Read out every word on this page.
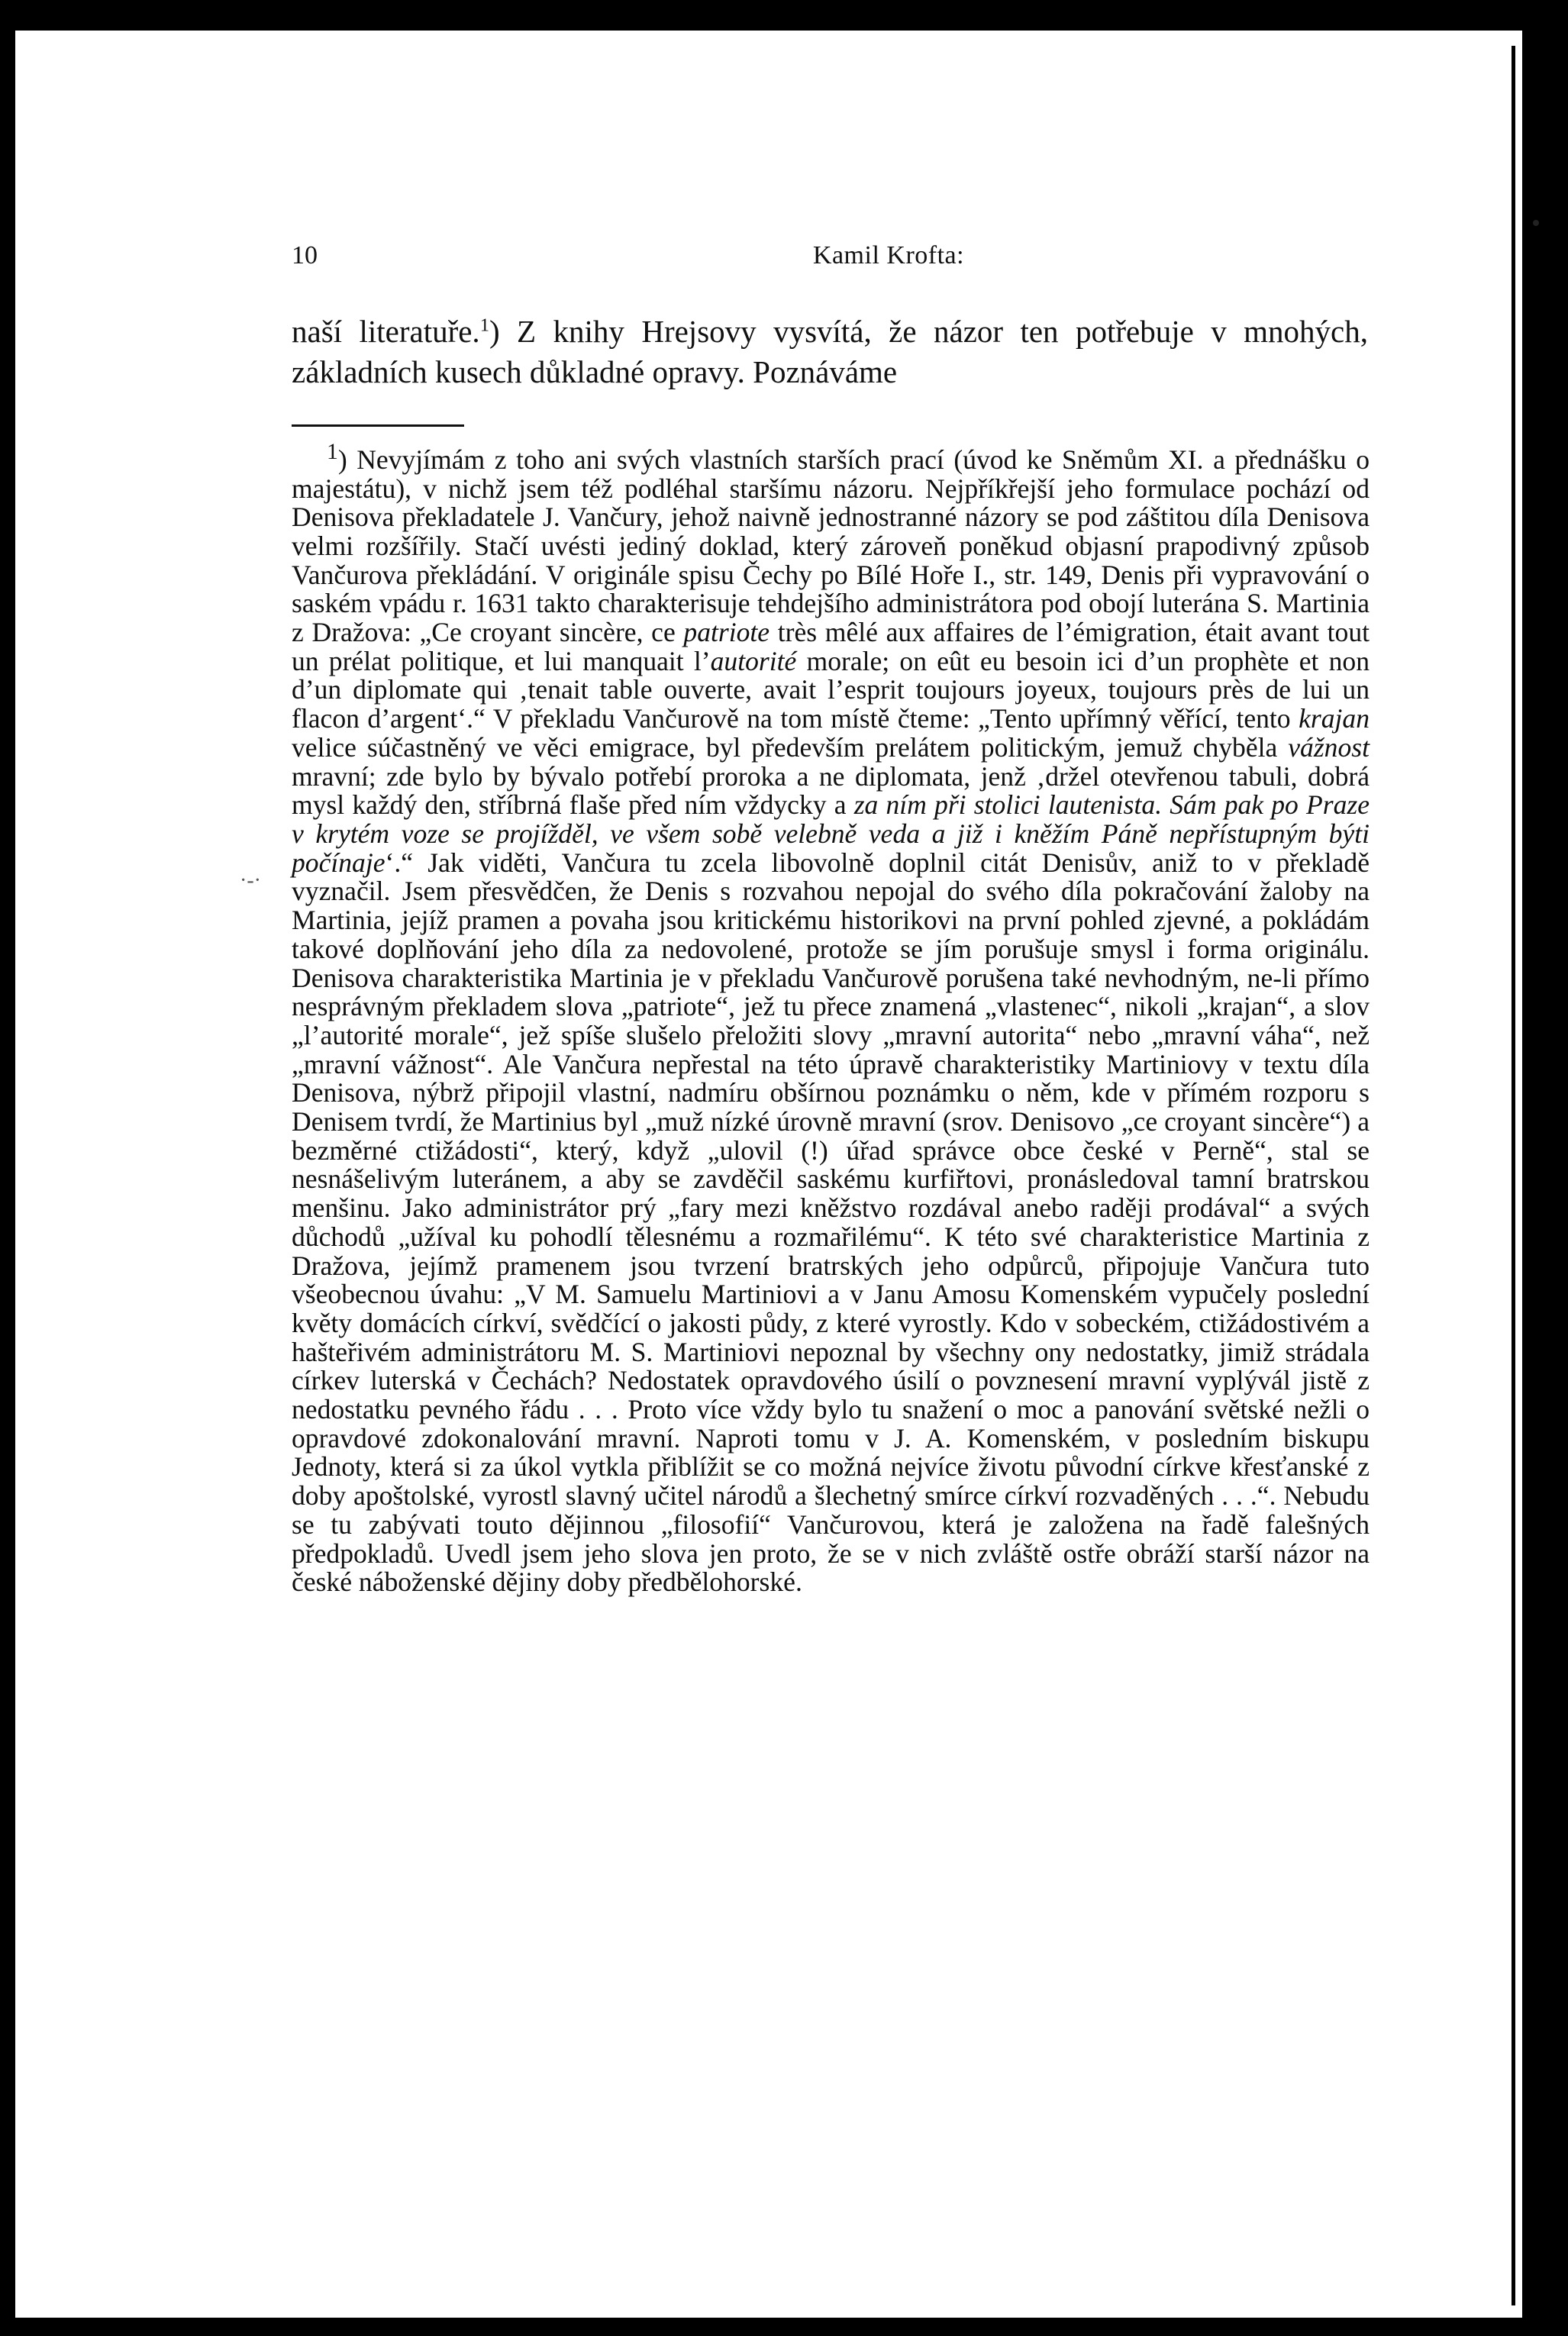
10	Kamil Krofta:
naší literatuře.$^1$) Z knihy Hrejsovy vysvítá, že názor ten potřebuje v mnohých, základních kusech důkladné opravy. Poznáváme

$^1$) Nevyjímám z toho ani svých vlastních starších prací (úvod ke Sněmům XI. a přednášku o majestátu), v nichž jsem též podléhal staršímu názoru. Nejpříkřejší jeho formulace pochází od Denisova překladatele J. Vančury, jehož naivně jednostranné názory se pod záštitou díla Denisova velmi rozšířily. Stačí uvésti jediný doklad, který zároveň poněkud objasní prapodivný způsob Vančurova překládání. V originále spisu Čechy po Bílé Hoře I., str. 149, Denis při vypravování o saském vpádu r. 1631 takto charakterisuje tehdejšího administrátora pod obojí luterána S. Martinia z Dražova: „Ce croyant sincère, ce patriote très mêlé aux affaires de l’émigration, était avant tout un prélat politique, et lui manquait l’autorité morale; on eût eu besoin ici d’un prophète et non d’un diplomate qui ‚tenait table ouverte, avait l’esprit toujours joyeux, toujours près de lui un flacon d’argent‘.“ V překladu Vančurově na tom místě čteme: „Tento upřímný věřící, tento krajan velice súčastněný ve věci emigrace, byl především prelátem politickým, jemuž chyběla vážnost mravní; zde bylo by bývalo potřebí proroka a ne diplomata, jenž ‚držel otevřenou tabuli, dobrá mysl každý den, stříbrná flaše před ním vždycky a za ním při stolici lautenista. Sám pak po Praze v krytém voze se projížděl, ve všem sobě velebně veda a již i kněžím Páně nepřístupným býti počínaje‘.“ Jak viděti, Vančura tu zcela libovolně doplnil citát Denisův, aniž to v překladě vyznačil. Jsem přesvědčen, že Denis s rozvahou nepojal do svého díla pokračování žaloby na Martinia, jejíž pramen a povaha jsou kritickému historikovi na první pohled zjevné, a pokládám takové doplňování jeho díla za nedovolené, protože se jím porušuje smysl i forma originálu. Denisova charakteristika Martinia je v překladu Vančurově porušena také nevhodným, ne-li přímo nesprávným překladem slova „patriote“, jež tu přece znamená „vlastenec“, nikoli „krajan“, a slov „l’autorité morale“, jež spíše slušelo přeložiti slovy „mravní autorita“ nebo „mravní váha“, než „mravní vážnost“. Ale Vančura nepřestal na této úpravě charakteristiky Martiniovy v textu díla Denisova, nýbrž připojil vlastní, nadmíru obšírnou poznámku o něm, kde v přímém rozporu s Denisem tvrdí, že Martinius byl „muž nízké úrovně mravní (srov. Denisovo „ce croyant sincère“) a bezměrné ctižádosti“, který, když „ulovil (!) úřad správce obce české v Perně“, stal se nesnášelivým luteránem, a aby se zavděčil saskému kurfiřtovi, pronásledoval tamní bratrskou menšinu. Jako administrátor prý „fary mezi kněžstvo rozdával anebo raději prodával“ a svých důchodů „užíval ku pohodlí tělesnému a rozmařilému“. K této své charakteristice Martinia z Dražova, jejímž pramenem jsou tvrzení bratrských jeho odpůrců, připojuje Vančura tuto všeobecnou úvahu: „V M. Samuelu Martiniovi a v Janu Amosu Komenském vypučely poslední květy domácích církví, svědčící o jakosti půdy, z které vyrostly. Kdo v sobeckém, ctižádostivém a hašteřivém administrátoru M. S. Martiniovi nepoznal by všechny ony nedostatky, jimiž strádala církev luterská v Čechách? Nedostatek opravdového úsilí o povznesení mravní vyplývál jistě z nedostatku pevného řádu . . . Proto více vždy bylo tu snažení o moc a panování světské nežli o opravdové zdokonalování mravní. Naproti tomu v J. A. Komenském, v posledním biskupu Jednoty, která si za úkol vytkla přiblížit se co možná nejvíce životu původní církve křesťanské z doby apoštolské, vyrostl slavný učitel národů a šlechetný smírce církví rozvaděných . . .“. Nebudu se tu zabývati touto dějinnou „filosofií“ Vančurovou, která je založena na řadě falešných předpokladů. Uvedl jsem jeho slova jen proto, že se v nich zvláště ostře obráží starší názor na české náboženské dějiny doby předbělohorské.

·-·
